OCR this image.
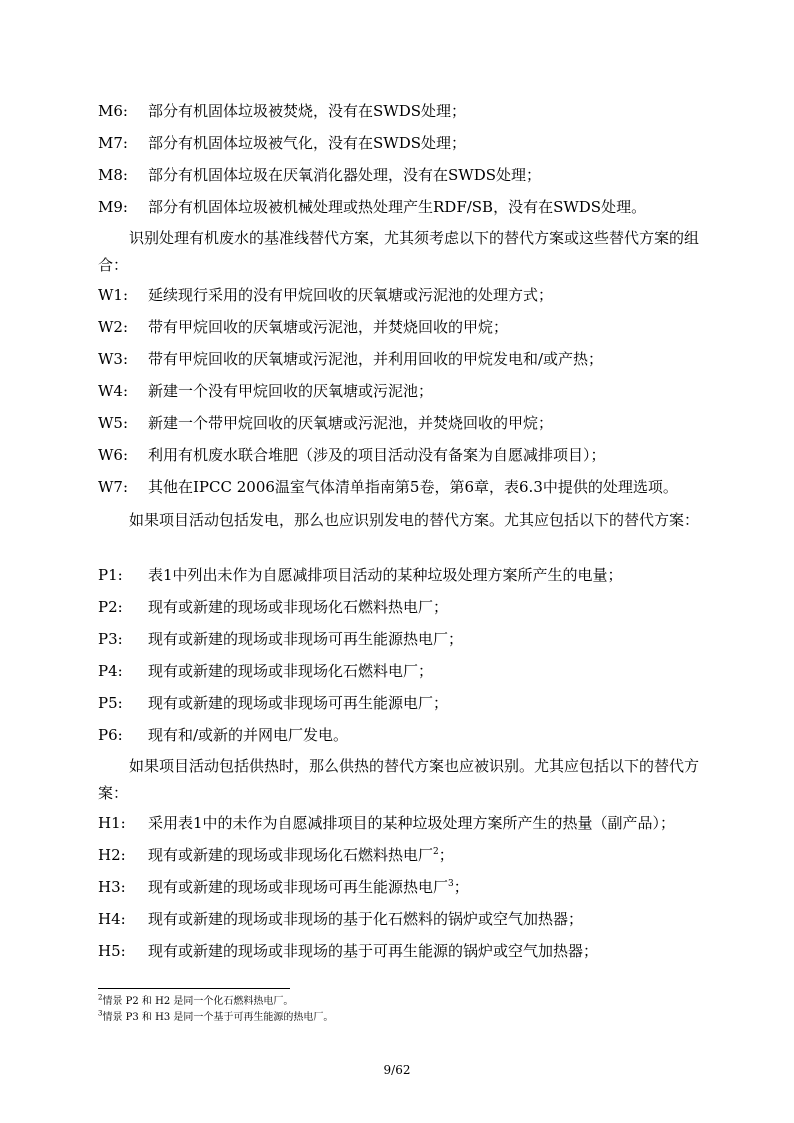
M6: 部分有机固体垃圾被焚烧，没有在SWDS处理；
M7: 部分有机固体垃圾被气化，没有在SWDS处理；
M8: 部分有机固体垃圾在厌氧消化器处理，没有在SWDS处理；
M9: 部分有机固体垃圾被机械处理或热处理产生RDF/SB，没有在SWDS处理。
识别处理有机废水的基准线替代方案，尤其须考虑以下的替代方案或这些替代方案的组合：
W1: 延续现行采用的没有甲烷回收的厌氧塘或污泥池的处理方式；
W2: 带有甲烷回收的厌氧塘或污泥池，并焚烧回收的甲烷；
W3: 带有甲烷回收的厌氧塘或污泥池，并利用回收的甲烷发电和/或产热；
W4: 新建一个没有甲烷回收的厌氧塘或污泥池；
W5: 新建一个带甲烷回收的厌氧塘或污泥池，并焚烧回收的甲烷；
W6: 利用有机废水联合堆肥（涉及的项目活动没有备案为自愿减排项目）；
W7: 其他在IPCC 2006温室气体清单指南第5卷，第6章，表6.3中提供的处理选项。
如果项目活动包括发电，那么也应识别发电的替代方案。尤其应包括以下的替代方案：
P1: 表1中列出未作为自愿减排项目活动的某种垃圾处理方案所产生的电量；
P2: 现有或新建的现场或非现场化石燃料热电厂；
P3: 现有或新建的现场或非现场可再生能源热电厂；
P4: 现有或新建的现场或非现场化石燃料电厂；
P5: 现有或新建的现场或非现场可再生能源电厂；
P6: 现有和/或新的并网电厂发电。
如果项目活动包括供热时，那么供热的替代方案也应被识别。尤其应包括以下的替代方案：
H1: 采用表1中的未作为自愿减排项目的某种垃圾处理方案所产生的热量（副产品）；
H2: 现有或新建的现场或非现场化石燃料热电厂$^2$；
H3: 现有或新建的现场或非现场可再生能源热电厂$^3$；
H4: 现有或新建的现场或非现场的基于化石燃料的锅炉或空气加热器；
H5: 现有或新建的现场或非现场的基于可再生能源的锅炉或空气加热器；
$^2$情景 P2 和 H2 是同一个化石燃料热电厂。
$^3$情景 P3 和 H3 是同一个基于可再生能源的热电厂。
9/62
